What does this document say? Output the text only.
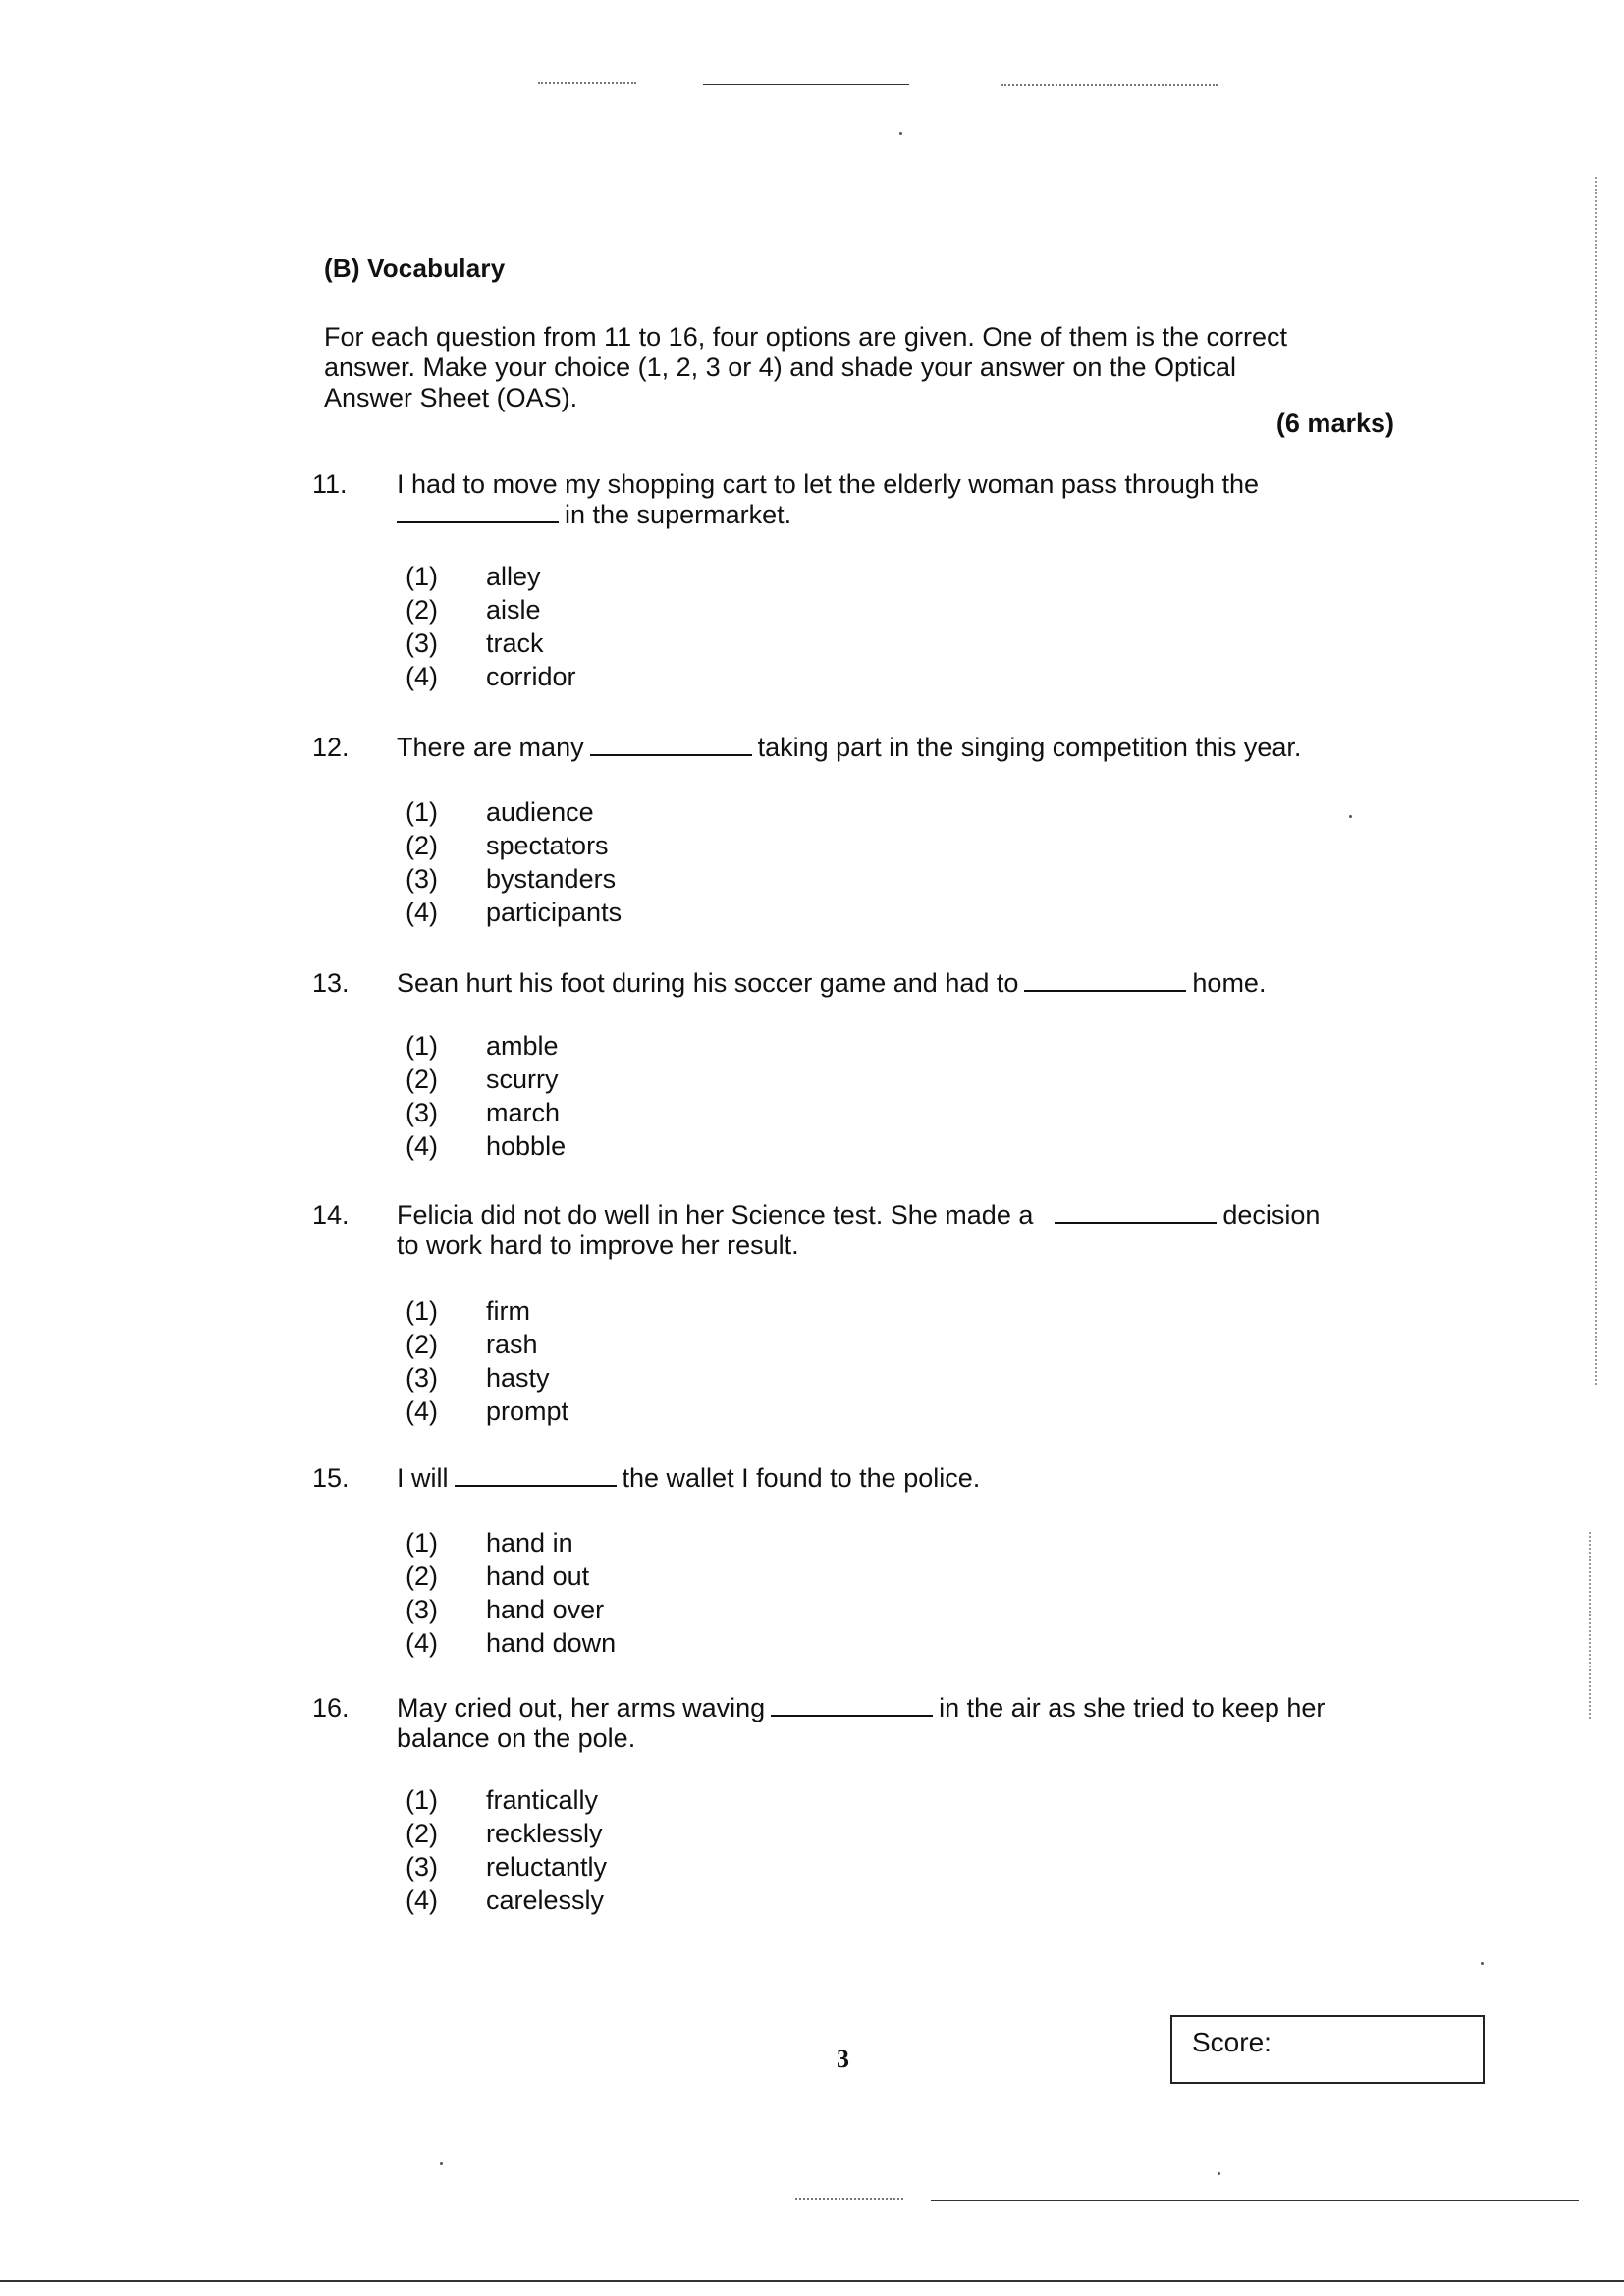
(B) Vocabulary
For each question from 11 to 16, four options are given. One of them is the correct
answer. Make your choice (1, 2, 3 or 4) and shade your answer on the Optical
Answer Sheet (OAS).
(6 marks)
11.	I had to move my shopping cart to let the elderly woman pass through the
in the supermarket.
(1)	alley
(2)	aisle
(3)	track
(4)	corridor
12.	There are many	taking part in the singing competition this year.
(1)	audience
(2)	spectators
(3)	bystanders
(4)	participants
13.	Sean hurt his foot during his soccer game and had to	home.
(1)	amble
(2)	scurry
(3)	march
(4)	hobble
14.	Felicia did not do well in her Science test. She made a	decision
to work hard to improve her result.
(1)	firm
(2)	rash
(3)	hasty
(4)	prompt
15.	I will	the wallet I found to the police.
(1)	hand in
(2)	hand out
(3)	hand over
(4)	hand down
16.	May cried out, her arms waving	in the air as she tried to keep her
balance on the pole.
(1)	frantically
(2)	recklessly
(3)	reluctantly
(4)	carelessly
3
Score:
